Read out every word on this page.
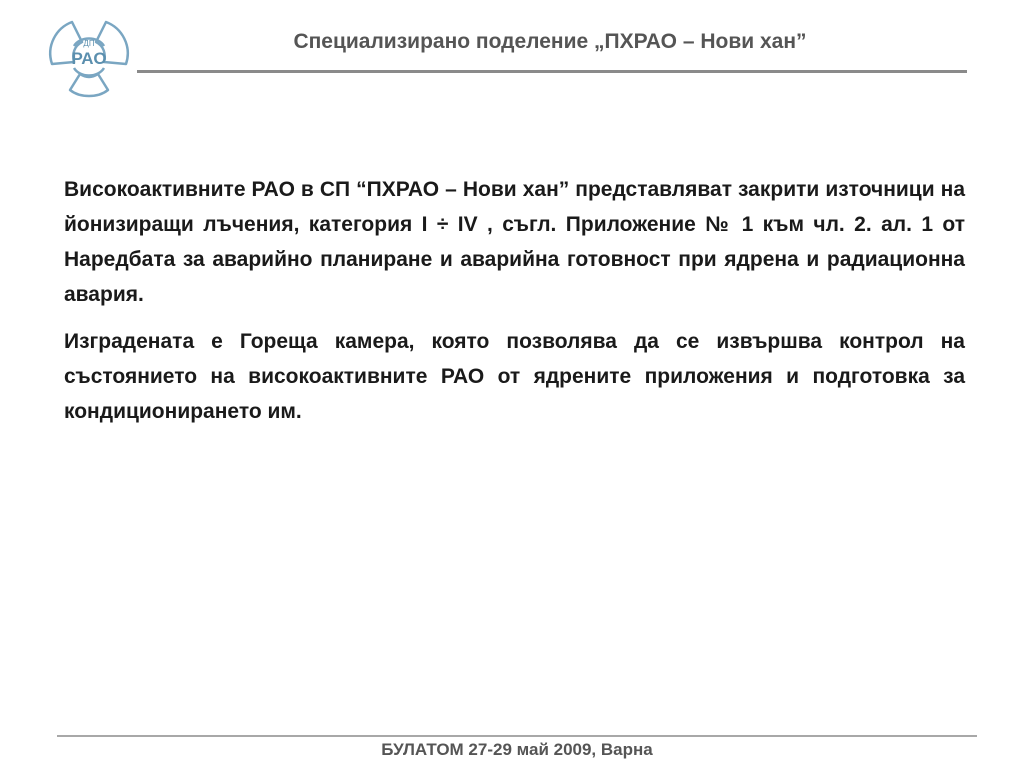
ДП
РАО
Специализирано поделение „ПХРАО – Нови хан”

Високоактивните РАО в СП “ПХРАО – Нови хан” представляват закрити източници на йонизиращи лъчения, категория I ÷ IV , съгл. Приложение № 1 към чл. 2. ал. 1 от Наредбата за аварийно планиране и аварийна готовност при ядрена и радиационна авария.

Изградената е Гореща камера, която позволява да се извършва контрол на състоянието на високоактивните РАО от ядрените приложения и подготовка за кондиционирането им.

БУЛАТОМ 27-29 май 2009, Варна
